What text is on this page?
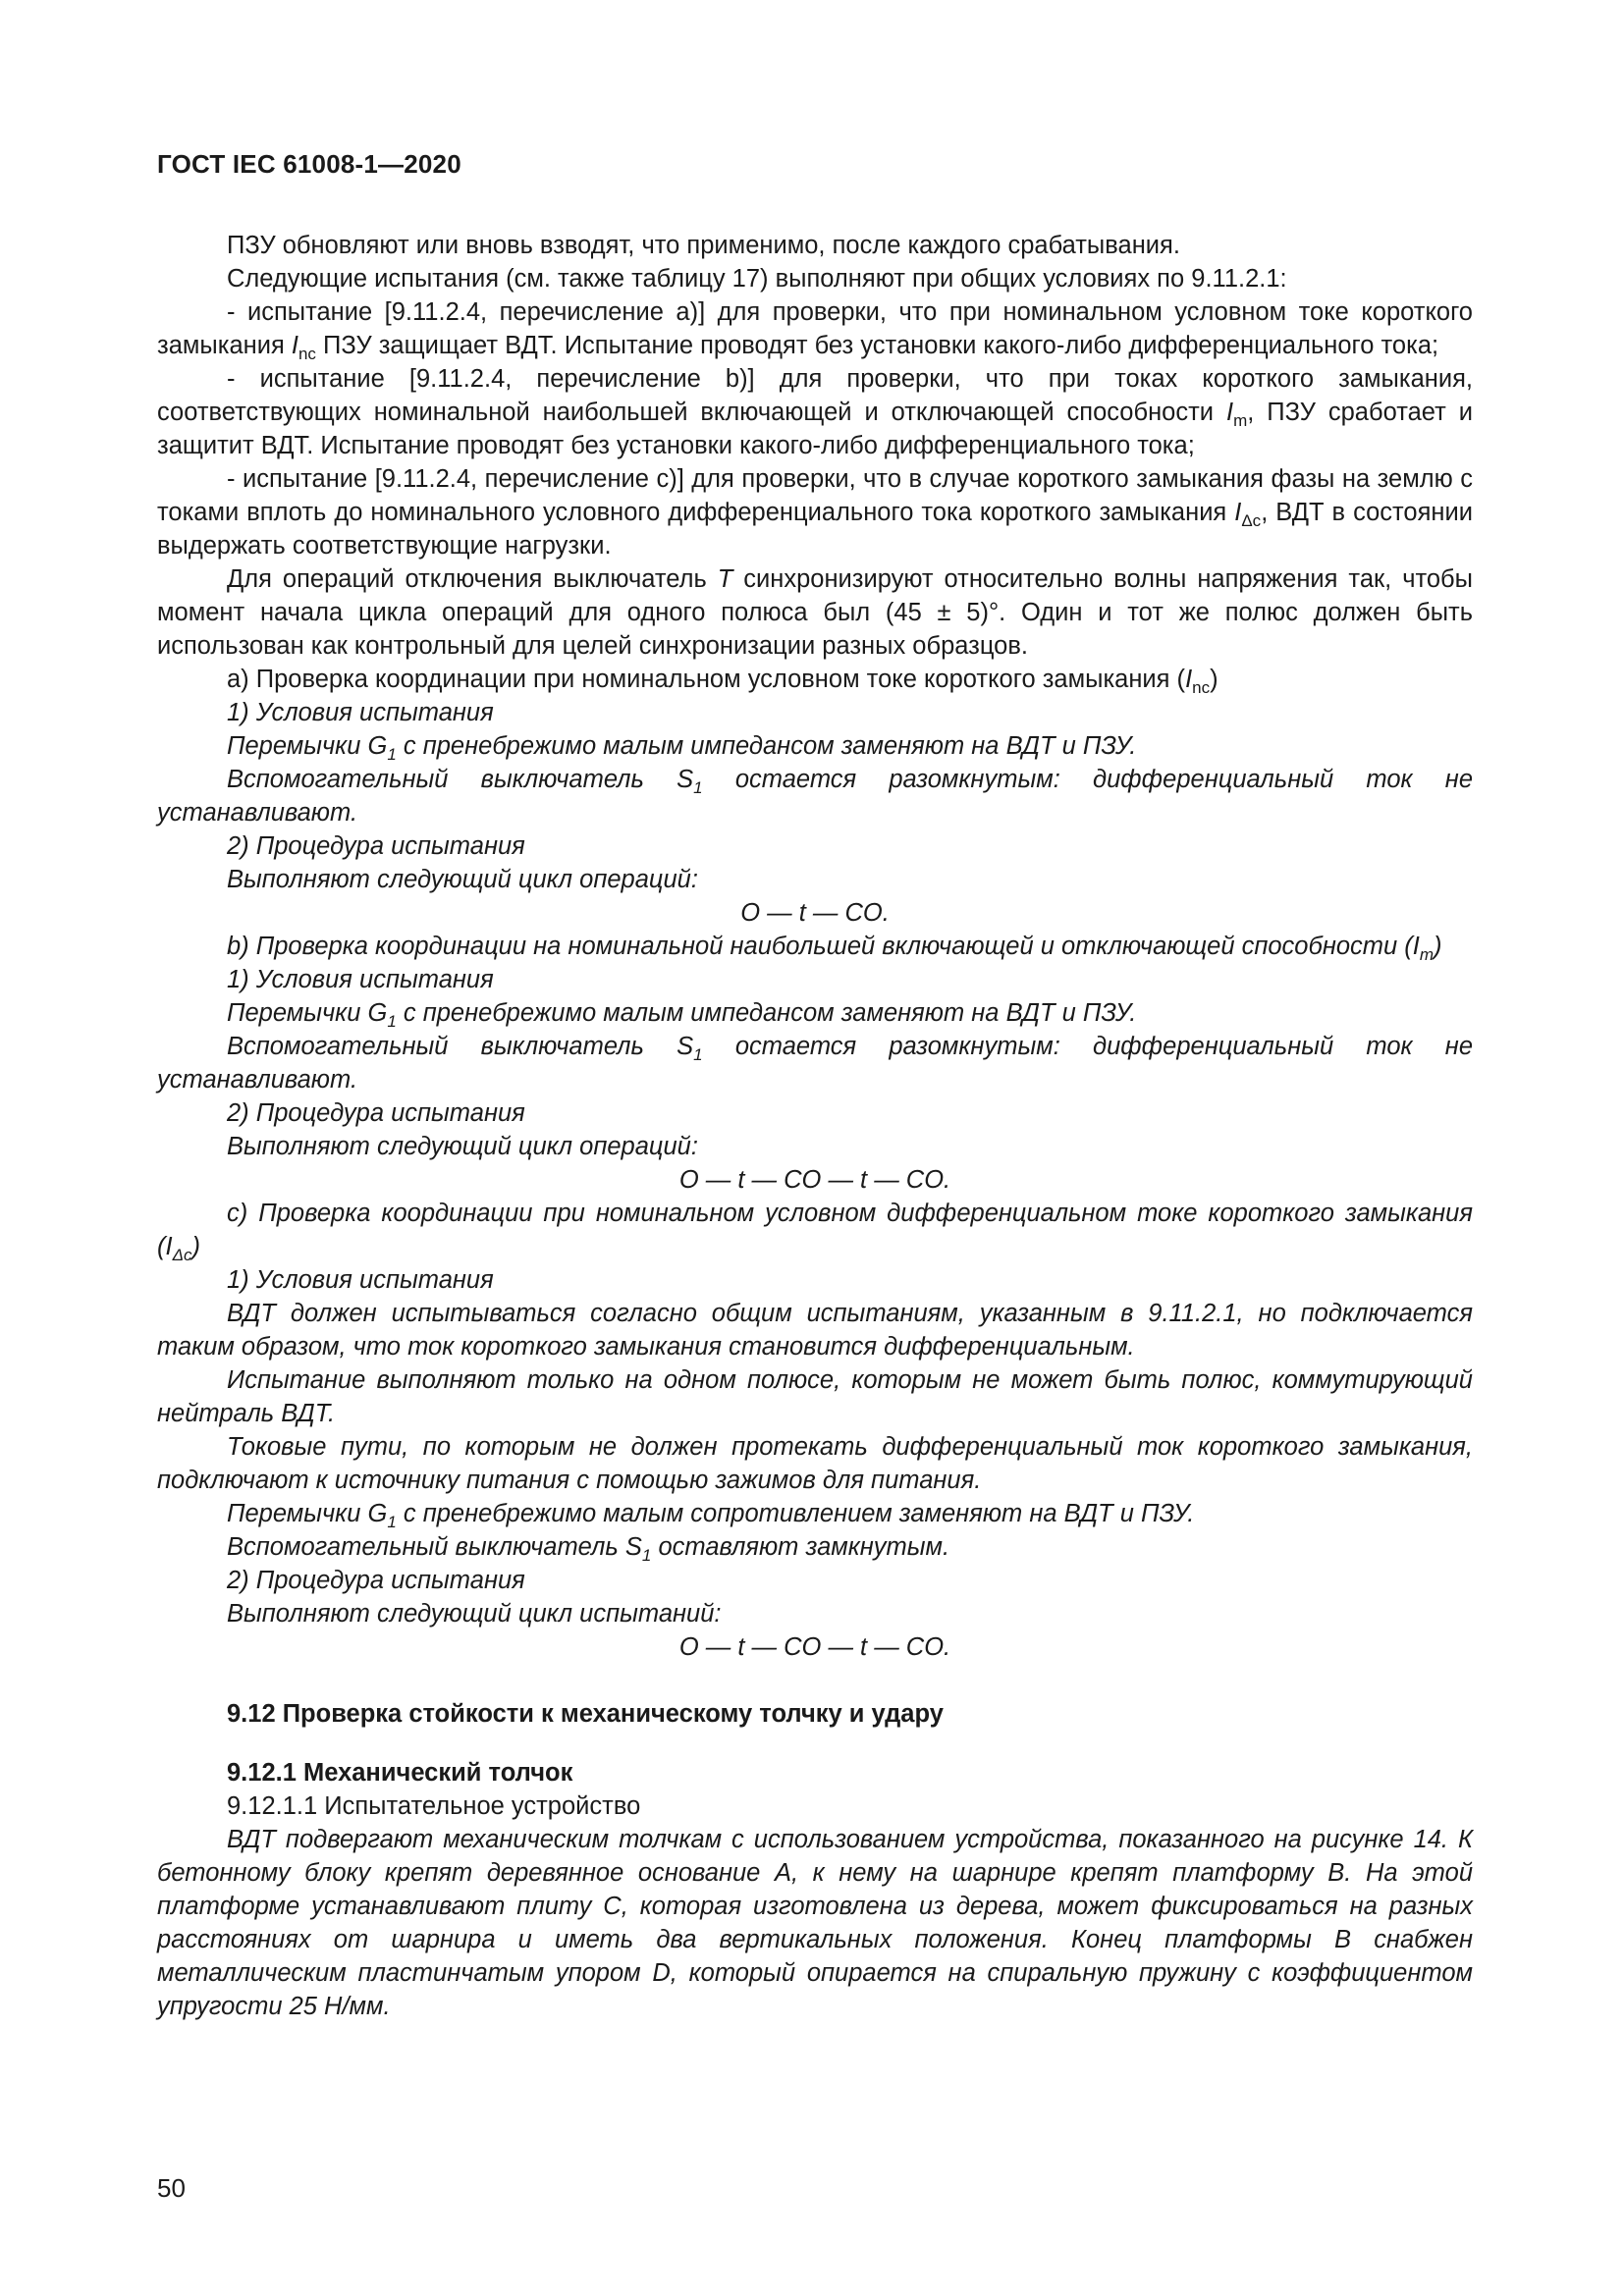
ГОСТ IEC 61008-1—2020

ПЗУ обновляют или вновь взводят, что применимо, после каждого срабатывания.

Следующие испытания (см. также таблицу 17) выполняют при общих условиях по 9.11.2.1:

- испытание [9.11.2.4, перечисление а)] для проверки, что при номинальном условном токе короткого замыкания $I_{nc}$ ПЗУ защищает ВДТ. Испытание проводят без установки какого-либо дифференциального тока;

- испытание [9.11.2.4, перечисление b)] для проверки, что при токах короткого замыкания, соответствующих номинальной наибольшей включающей и отключающей способности $I_m$, ПЗУ сработает и защитит ВДТ. Испытание проводят без установки какого-либо дифференциального тока;

- испытание [9.11.2.4, перечисление c)] для проверки, что в случае короткого замыкания фазы на землю с токами вплоть до номинального условного дифференциального тока короткого замыкания $I_{\Delta c}$, ВДТ в состоянии выдержать соответствующие нагрузки.

Для операций отключения выключатель T синхронизируют относительно волны напряжения так, чтобы момент начала цикла операций для одного полюса был (45 ± 5)°. Один и тот же полюс должен быть использован как контрольный для целей синхронизации разных образцов.

a) Проверка координации при номинальном условном токе короткого замыкания $(I_{nc})$

1) Условия испытания

Перемычки $G_1$ с пренебрежимо малым импедансом заменяют на ВДТ и ПЗУ.

Вспомогательный выключатель $S_1$ остается разомкнутым: дифференциальный ток не устанавливают.

2) Процедура испытания

Выполняют следующий цикл операций:

O — t — CO.

b) Проверка координации на номинальной наибольшей включающей и отключающей способности $(I_m)$

1) Условия испытания

Перемычки $G_1$ с пренебрежимо малым импедансом заменяют на ВДТ и ПЗУ.

Вспомогательный выключатель $S_1$ остается разомкнутым: дифференциальный ток не устанавливают.

2) Процедура испытания

Выполняют следующий цикл операций:

O — t — CO — t — CO.

c) Проверка координации при номинальном условном дифференциальном токе короткого замыкания $(I_{\Delta c})$

1) Условия испытания

ВДТ должен испытываться согласно общим испытаниям, указанным в 9.11.2.1, но подключается таким образом, что ток короткого замыкания становится дифференциальным.

Испытание выполняют только на одном полюсе, которым не может быть полюс, коммутирующий нейтраль ВДТ.

Токовые пути, по которым не должен протекать дифференциальный ток короткого замыкания, подключают к источнику питания с помощью зажимов для питания.

Перемычки $G_1$ с пренебрежимо малым сопротивлением заменяют на ВДТ и ПЗУ.

Вспомогательный выключатель $S_1$ оставляют замкнутым.

2) Процедура испытания

Выполняют следующий цикл испытаний:

O — t — CO — t — CO.

9.12 Проверка стойкости к механическому толчку и удару

9.12.1 Механический толчок

9.12.1.1 Испытательное устройство

ВДТ подвергают механическим толчкам с использованием устройства, показанного на рисунке 14. К бетонному блоку крепят деревянное основание A, к нему на шарнире крепят платформу B. На этой платформе устанавливают плиту C, которая изготовлена из дерева, может фиксироваться на разных расстояниях от шарнира и иметь два вертикальных положения. Конец платформы B снабжен металлическим пластинчатым упором D, который опирается на спиральную пружину с коэффициентом упругости 25 Н/мм.

50
